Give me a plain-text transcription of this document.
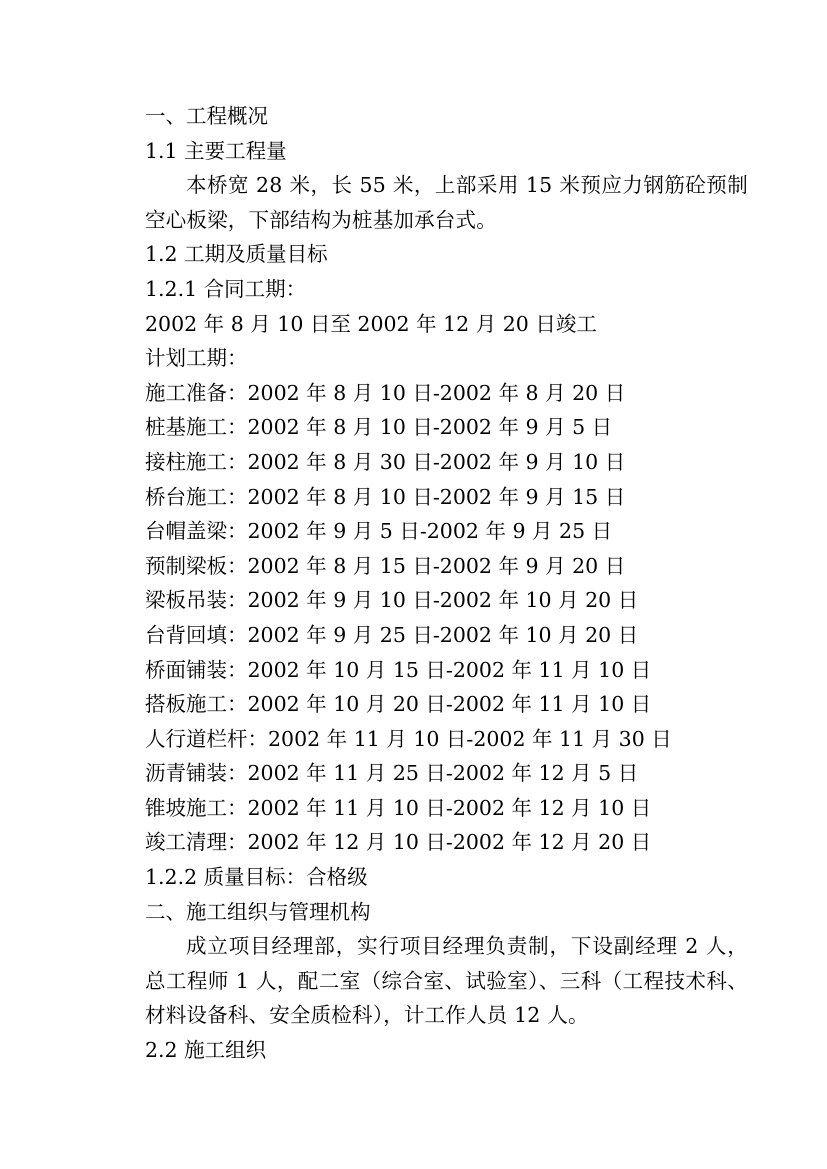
一、工程概况
1.1 主要工程量
本桥宽 28 米，长 55 米，上部采用 15 米预应力钢筋砼预制空心板梁，下部结构为桩基加承台式。
1.2 工期及质量目标
1.2.1 合同工期：
2002 年 8 月 10 日至 2002 年 12 月 20 日竣工
计划工期：
施工准备：2002 年 8 月 10 日-2002 年 8 月 20 日
桩基施工：2002 年 8 月 10 日-2002 年 9 月 5 日
接柱施工：2002 年 8 月 30 日-2002 年 9 月 10 日
桥台施工：2002 年 8 月 10 日-2002 年 9 月 15 日
台帽盖梁：2002 年 9 月 5 日-2002 年 9 月 25 日
预制梁板：2002 年 8 月 15 日-2002 年 9 月 20 日
梁板吊装：2002 年 9 月 10 日-2002 年 10 月 20 日
台背回填：2002 年 9 月 25 日-2002 年 10 月 20 日
桥面铺装：2002 年 10 月 15 日-2002 年 11 月 10 日
搭板施工：2002 年 10 月 20 日-2002 年 11 月 10 日
人行道栏杆：2002 年 11 月 10 日-2002 年 11 月 30 日
沥青铺装：2002 年 11 月 25 日-2002 年 12 月 5 日
锥坡施工：2002 年 11 月 10 日-2002 年 12 月 10 日
竣工清理：2002 年 12 月 10 日-2002 年 12 月 20 日
1.2.2 质量目标：合格级
二、施工组织与管理机构
成立项目经理部，实行项目经理负责制，下设副经理 2 人，总工程师 1 人，配二室（综合室、试验室）、三科（工程技术科、材料设备科、安全质检科），计工作人员 12 人。
2.2 施工组织
